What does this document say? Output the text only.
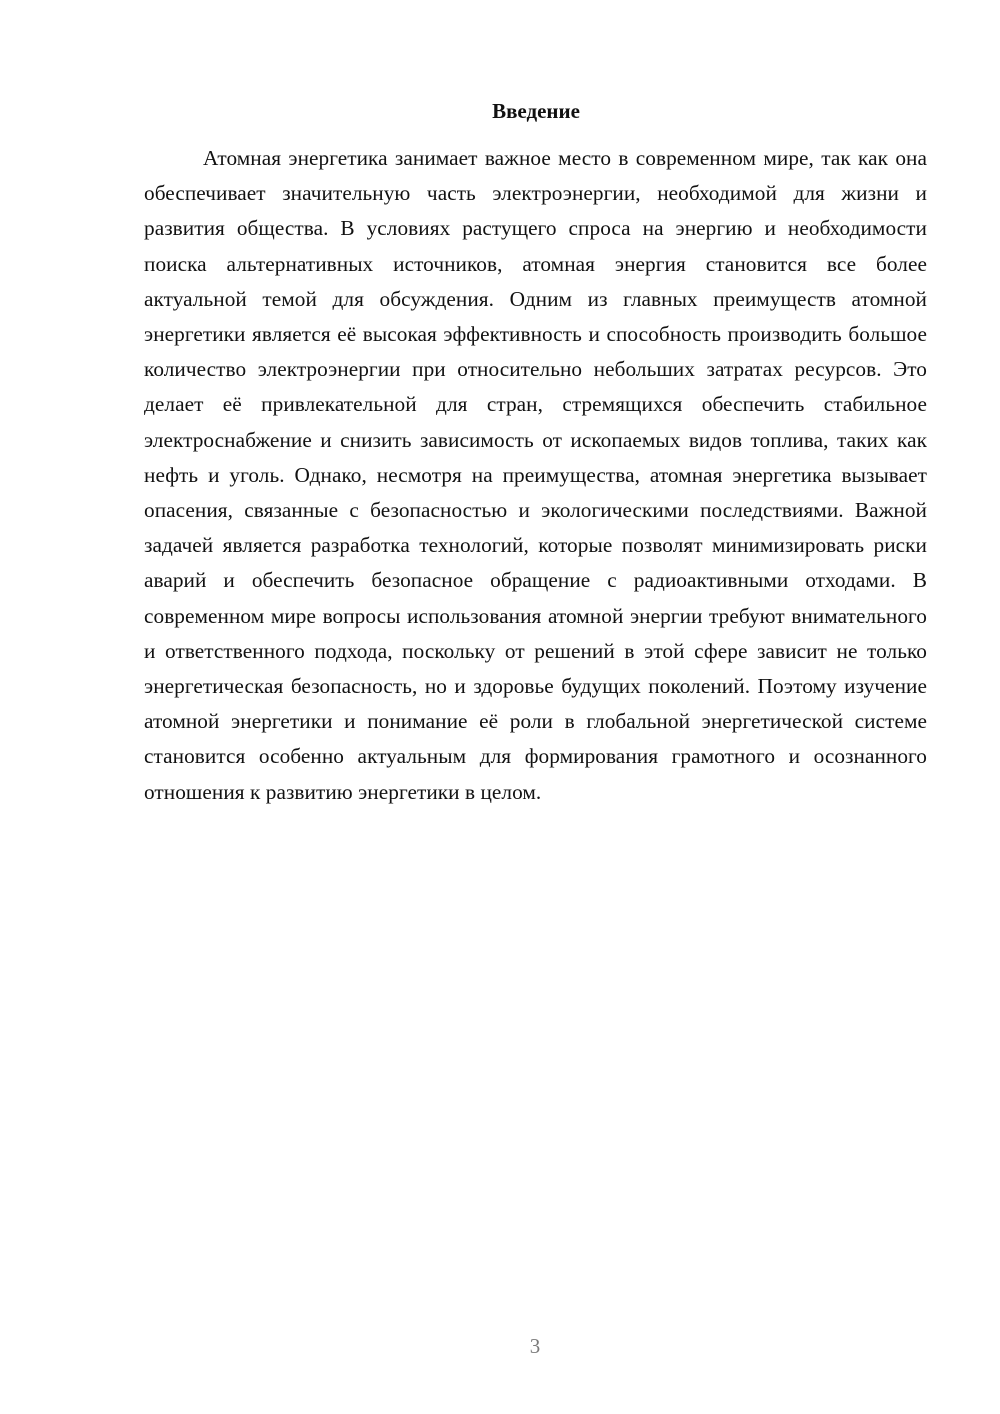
Введение

Атомная энергетика занимает важное место в современном мире, так как она обеспечивает значительную часть электроэнергии, необходимой для жизни и развития общества. В условиях растущего спроса на энергию и необходимости поиска альтернативных источников, атомная энергия становится все более актуальной темой для обсуждения. Одним из главных преимуществ атомной энергетики является её высокая эффективность и способность производить большое количество электроэнергии при относительно небольших затратах ресурсов. Это делает её привлекательной для стран, стремящихся обеспечить стабильное электроснабжение и снизить зависимость от ископаемых видов топлива, таких как нефть и уголь. Однако, несмотря на преимущества, атомная энергетика вызывает опасения, связанные с безопасностью и экологическими последствиями. Важной задачей является разработка технологий, которые позволят минимизировать риски аварий и обеспечить безопасное обращение с радиоактивными отходами. В современном мире вопросы использования атомной энергии требуют внимательного и ответственного подхода, поскольку от решений в этой сфере зависит не только энергетическая безопасность, но и здоровье будущих поколений. Поэтому изучение атомной энергетики и понимание её роли в глобальной энергетической системе становится особенно актуальным для формирования грамотного и осознанного отношения к развитию энергетики в целом.

3
